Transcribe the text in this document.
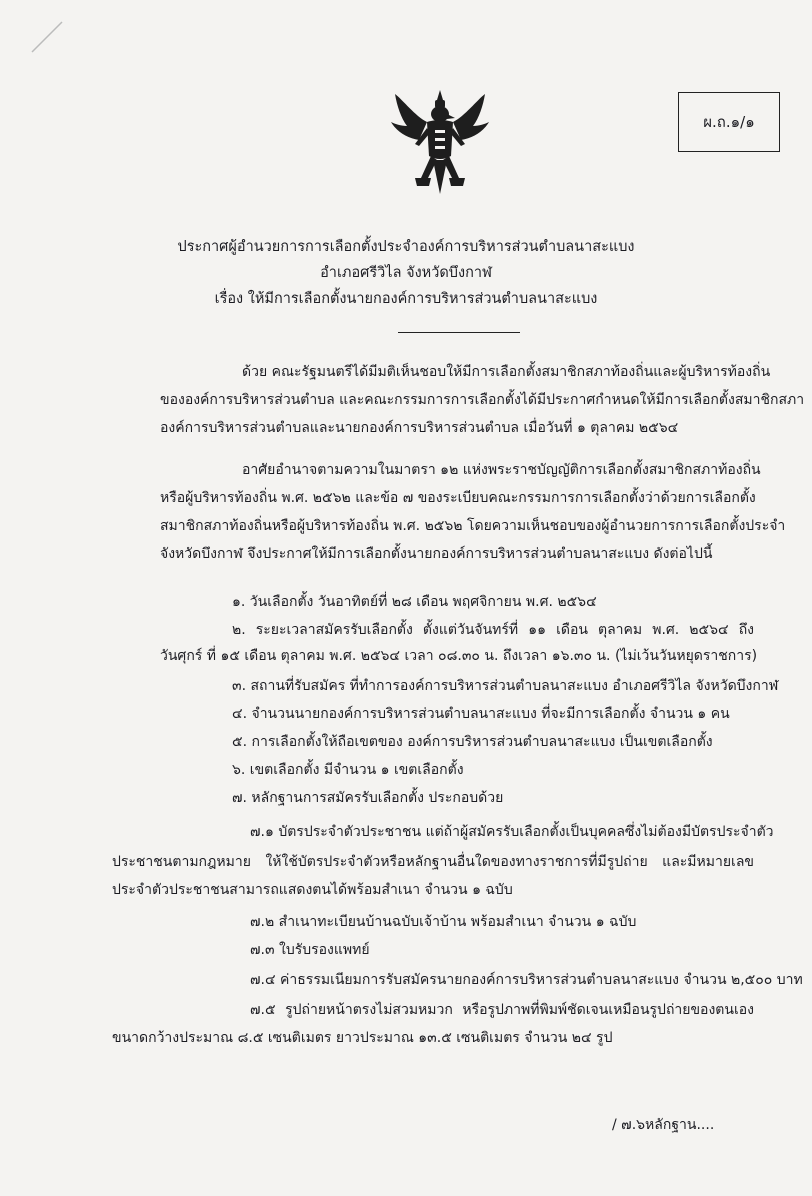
ผ.ถ.๑/๑
ประกาศผู้อำนวยการการเลือกตั้งประจำองค์การบริหารส่วนตำบลนาสะแบง
อำเภอศรีวิไล จังหวัดบึงกาฬ
เรื่อง ให้มีการเลือกตั้งนายกองค์การบริหารส่วนตำบลนาสะแบง
ด้วย คณะรัฐมนตรีได้มีมติเห็นชอบให้มีการเลือกตั้งสมาชิกสภาท้องถิ่นและผู้บริหารท้องถิ่น
ขององค์การบริหารส่วนตำบล และคณะกรรมการการเลือกตั้งได้มีประกาศกำหนดให้มีการเลือกตั้งสมาชิกสภา
องค์การบริหารส่วนตำบลและนายกองค์การบริหารส่วนตำบล เมื่อวันที่ ๑ ตุลาคม ๒๕๖๔
อาศัยอำนาจตามความในมาตรา ๑๒ แห่งพระราชบัญญัติการเลือกตั้งสมาชิกสภาท้องถิ่น
หรือผู้บริหารท้องถิ่น พ.ศ. ๒๕๖๒ และข้อ ๗ ของระเบียบคณะกรรมการการเลือกตั้งว่าด้วยการเลือกตั้ง
สมาชิกสภาท้องถิ่นหรือผู้บริหารท้องถิ่น พ.ศ. ๒๕๖๒ โดยความเห็นชอบของผู้อำนวยการการเลือกตั้งประจำ
จังหวัดบึงกาฬ จึงประกาศให้มีการเลือกตั้งนายกองค์การบริหารส่วนตำบลนาสะแบง ดังต่อไปนี้
๑. วันเลือกตั้ง วันอาทิตย์ที่ ๒๘ เดือน พฤศจิกายน พ.ศ. ๒๕๖๔
๒. ระยะเวลาสมัครรับเลือกตั้ง ตั้งแต่วันจันทร์ที่ ๑๑ เดือน ตุลาคม พ.ศ. ๒๕๖๔ ถึง
วันศุกร์ ที่ ๑๕ เดือน ตุลาคม พ.ศ. ๒๕๖๔ เวลา ๐๘.๓๐ น. ถึงเวลา ๑๖.๓๐ น. (ไม่เว้นวันหยุดราชการ)
๓. สถานที่รับสมัคร ที่ทำการองค์การบริหารส่วนตำบลนาสะแบง อำเภอศรีวิไล จังหวัดบึงกาฬ
๔. จำนวนนายกองค์การบริหารส่วนตำบลนาสะแบง ที่จะมีการเลือกตั้ง จำนวน ๑ คน
๕. การเลือกตั้งให้ถือเขตของ องค์การบริหารส่วนตำบลนาสะแบง เป็นเขตเลือกตั้ง
๖. เขตเลือกตั้ง มีจำนวน ๑ เขตเลือกตั้ง
๗. หลักฐานการสมัครรับเลือกตั้ง ประกอบด้วย
๗.๑ บัตรประจำตัวประชาชน แต่ถ้าผู้สมัครรับเลือกตั้งเป็นบุคคลซึ่งไม่ต้องมีบัตรประจำตัว
ประชาชนตามกฎหมาย ให้ใช้บัตรประจำตัวหรือหลักฐานอื่นใดของทางราชการที่มีรูปถ่าย และมีหมายเลข
ประจำตัวประชาชนสามารถแสดงตนได้พร้อมสำเนา จำนวน ๑ ฉบับ
๗.๒ สำเนาทะเบียนบ้านฉบับเจ้าบ้าน พร้อมสำเนา จำนวน ๑ ฉบับ
๗.๓ ใบรับรองแพทย์
๗.๔ ค่าธรรมเนียมการรับสมัครนายกองค์การบริหารส่วนตำบลนาสะแบง จำนวน ๒,๕๐๐ บาท
๗.๕ รูปถ่ายหน้าตรงไม่สวมหมวก หรือรูปภาพที่พิมพ์ชัดเจนเหมือนรูปถ่ายของตนเอง
ขนาดกว้างประมาณ ๘.๕ เซนติเมตร ยาวประมาณ ๑๓.๕ เซนติเมตร จำนวน ๒๔ รูป
/ ๗.๖หลักฐาน....
